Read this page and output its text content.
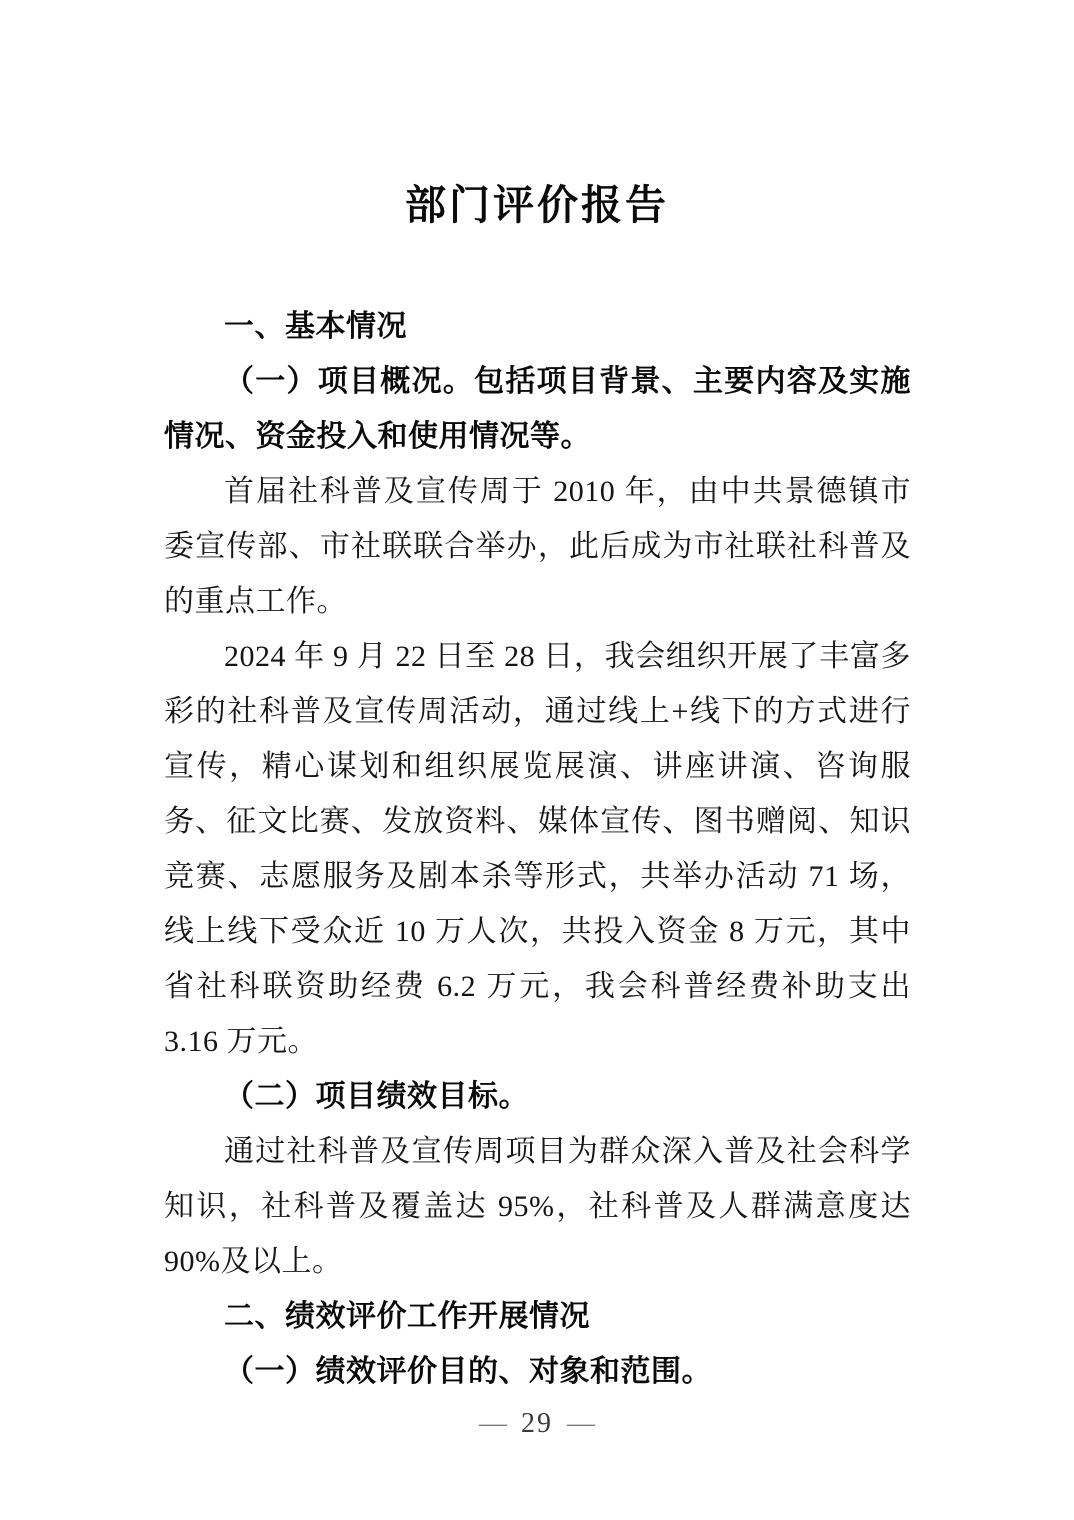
部门评价报告
一、基本情况
（一）项目概况。包括项目背景、主要内容及实施情况、资金投入和使用情况等。

首届社科普及宣传周于 2010 年，由中共景德镇市委宣传部、市社联联合举办，此后成为市社联社科普及的重点工作。

2024 年 9 月 22 日至 28 日，我会组织开展了丰富多彩的社科普及宣传周活动，通过线上+线下的方式进行宣传，精心谋划和组织展览展演、讲座讲演、咨询服务、征文比赛、发放资料、媒体宣传、图书赠阅、知识竞赛、志愿服务及剧本杀等形式，共举办活动 71 场，线上线下受众近 10 万人次，共投入资金 8 万元，其中省社科联资助经费 6.2 万元，我会科普经费补助支出 3.16 万元。

（二）项目绩效目标。

通过社科普及宣传周项目为群众深入普及社会科学知识，社科普及覆盖达 95%，社科普及人群满意度达 90%及以上。

二、绩效评价工作开展情况
（一）绩效评价目的、对象和范围。
— 29 —
